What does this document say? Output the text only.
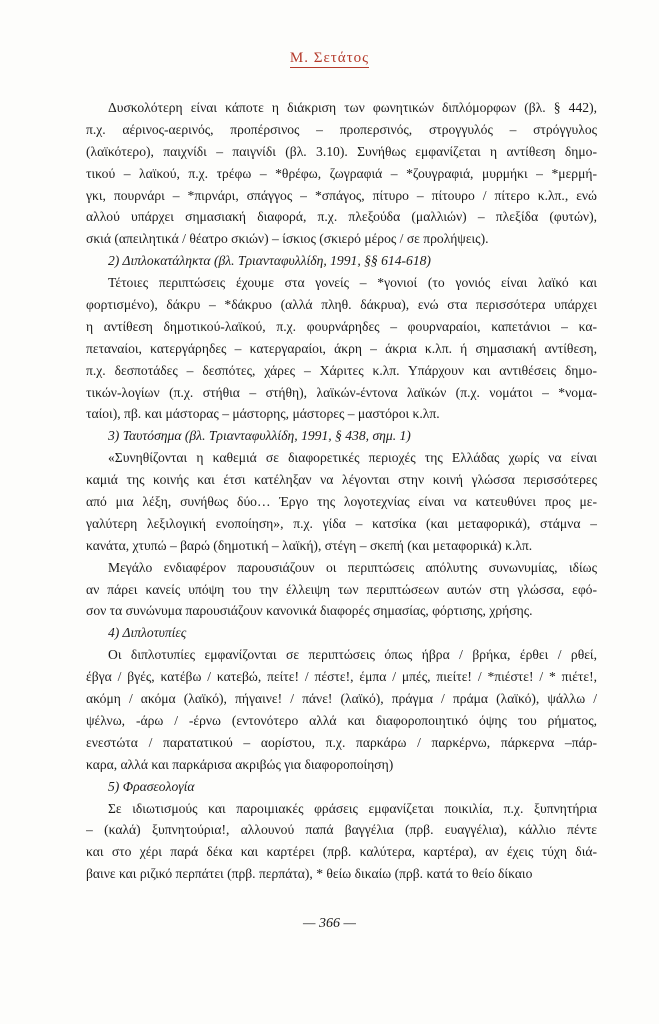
Μ. Σετάτος
Δυσκολότερη είναι κάποτε η διάκριση των φωνητικών διπλόμορφων (βλ. § 442),
π.χ. αέρινος-αερινός, προπέρσινος – προπερσινός, στρογγυλός – στρόγγυλος
(λαϊκότερο), παιχνίδι – παιγνίδι (βλ. 3.10). Συνήθως εμφανίζεται η αντίθεση δημο-
τικού – λαϊκού, π.χ. τρέφω – *θρέφω, ζωγραφιά – *ζουγραφιά, μυρμήκι – *μερμή-
γκι, πουρνάρι – *πιρνάρι, σπάγγος – *σπάγος, πίτυρο – πίτουρο / πίτερο κ.λπ., ενώ
αλλού υπάρχει σημασιακή διαφορά, π.χ. πλεξούδα (μαλλιών) – πλεξίδα (φυτών),
σκιά (απειλητικά / θέατρο σκιών) – ίσκιος (σκιερό μέρος / σε προλήψεις).
2) Διπλοκατάληκτα (βλ. Τριανταφυλλίδη, 1991, §§ 614-618)
Τέτοιες περιπτώσεις έχουμε στα γονείς – *γονιοί (το γονιός είναι λαϊκό και
φορτισμένο), δάκρυ – *δάκρυο (αλλά πληθ. δάκρυα), ενώ στα περισσότερα υπάρχει
η αντίθεση δημοτικού-λαϊκού, π.χ. φουρνάρηδες – φουρναραίοι, καπετάνιοι – κα-
πεταναίοι, κατεργάρηδες – κατεργαραίοι, άκρη – άκρια κ.λπ. ή σημασιακή αντίθεση,
π.χ. δεσποτάδες – δεσπότες, χάρες – Χάριτες κ.λπ. Υπάρχουν και αντιθέσεις δημο-
τικών-λογίων (π.χ. στήθια – στήθη), λαϊκών-έντονα λαϊκών (π.χ. νομάτοι – *νομα-
ταίοι), πβ. και μάστορας – μάστορης, μάστορες – μαστόροι κ.λπ.
3) Ταυτόσημα (βλ. Τριανταφυλλίδη, 1991, § 438, σημ. 1)
«Συνηθίζονται η καθεμιά σε διαφορετικές περιοχές της Ελλάδας χωρίς να είναι
καμιά της κοινής και έτσι κατέληξαν να λέγονται στην κοινή γλώσσα περισσότερες
από μια λέξη, συνήθως δύο… Έργο της λογοτεχνίας είναι να κατευθύνει προς με-
γαλύτερη λεξιλογική ενοποίηση», π.χ. γίδα – κατσίκα (και μεταφορικά), στάμνα –
κανάτα, χτυπώ – βαρώ (δημοτική – λαϊκή), στέγη – σκεπή (και μεταφορικά) κ.λπ.
Μεγάλο ενδιαφέρον παρουσιάζουν οι περιπτώσεις απόλυτης συνωνυμίας, ιδίως
αν πάρει κανείς υπόψη του την έλλειψη των περιπτώσεων αυτών στη γλώσσα, εφό-
σον τα συνώνυμα παρουσιάζουν κανονικά διαφορές σημασίας, φόρτισης, χρήσης.
4) Διπλοτυπίες
Οι διπλοτυπίες εμφανίζονται σε περιπτώσεις όπως ήβρα / βρήκα, έρθει / ρθεί,
έβγα / βγές, κατέβω / κατεβώ, πείτε! / πέστε!, έμπα / μπές, πιείτε! / *πιέστε! / * πιέτε!,
ακόμη / ακόμα (λαϊκό), πήγαινε! / πάνε! (λαϊκό), πράγμα / πράμα (λαϊκό), ψάλλω /
ψέλνω, -άρω / -έρνω (εντονότερο αλλά και διαφοροποιητικό όψης του ρήματος,
ενεστώτα / παρατατικού – αορίστου, π.χ. παρκάρω / παρκέρνω, πάρκερνα –πάρ-
καρα, αλλά και παρκάρισα ακριβώς για διαφοροποίηση)
5) Φρασεολογία
Σε ιδιωτισμούς και παροιμιακές φράσεις εμφανίζεται ποικιλία, π.χ. ξυπνητήρια
– (καλά) ξυπνητούρια!, αλλουνού παπά βαγγέλια (πρβ. ευαγγέλια), κάλλιο πέντε
και στο χέρι παρά δέκα και καρτέρει (πρβ. καλύτερα, καρτέρα), αν έχεις τύχη διά-
βαινε και ριζικό περπάτει (πρβ. περπάτα), * θείω δικαίω (πρβ. κατά το θείο δίκαιο
— 366 —
